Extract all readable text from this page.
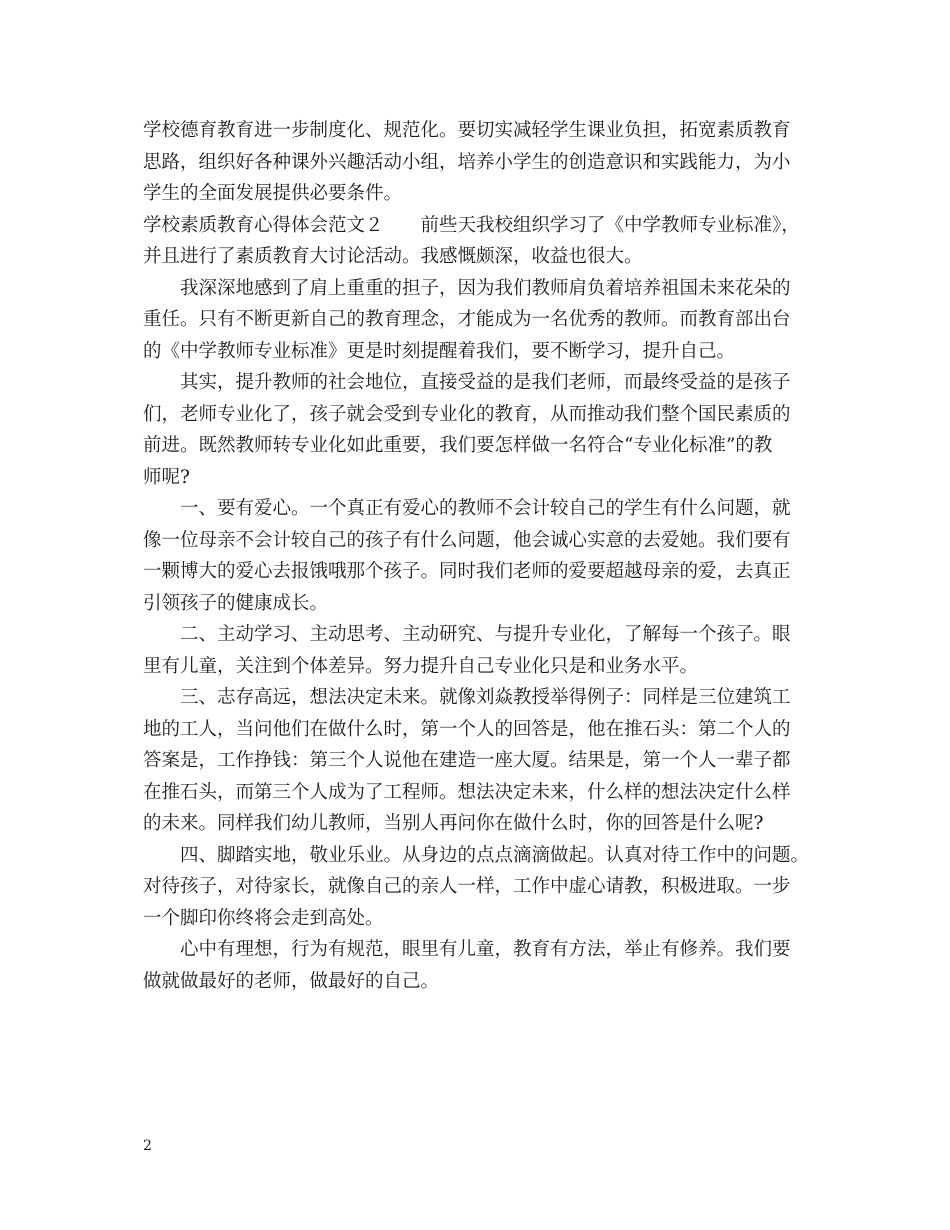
学校德育教育进一步制度化、规范化。要切实减轻学生课业负担，拓宽素质教育
思路，组织好各种课外兴趣活动小组，培养小学生的创造意识和实践能力，为小
学生的全面发展提供必要条件。
学校素质教育心得体会范文２　　前些天我校组织学习了《中学教师专业标准》，
并且进行了素质教育大讨论活动。我感慨颇深，收益也很大。
我深深地感到了肩上重重的担子，因为我们教师肩负着培养祖国未来花朵的
重任。只有不断更新自己的教育理念，才能成为一名优秀的教师。而教育部出台
的《中学教师专业标准》更是时刻提醒着我们，要不断学习，提升自己。
其实，提升教师的社会地位，直接受益的是我们老师，而最终受益的是孩子
们，老师专业化了，孩子就会受到专业化的教育，从而推动我们整个国民素质的
前进。既然教师转专业化如此重要，我们要怎样做一名符合“专业化标准”的教
师呢?
一、要有爱心。一个真正有爱心的教师不会计较自己的学生有什么问题，就
像一位母亲不会计较自己的孩子有什么问题，他会诚心实意的去爱她。我们要有
一颗博大的爱心去报饿哦那个孩子。同时我们老师的爱要超越母亲的爱，去真正
引领孩子的健康成长。
二、主动学习、主动思考、主动研究、与提升专业化，了解每一个孩子。眼
里有儿童，关注到个体差异。努力提升自己专业化只是和业务水平。
三、志存高远，想法决定未来。就像刘焱教授举得例子：同样是三位建筑工
地的工人，当问他们在做什么时，第一个人的回答是，他在推石头：第二个人的
答案是，工作挣钱：第三个人说他在建造一座大厦。结果是，第一个人一辈子都
在推石头，而第三个人成为了工程师。想法决定未来，什么样的想法决定什么样
的未来。同样我们幼儿教师，当别人再问你在做什么时，你的回答是什么呢?
四、脚踏实地，敬业乐业。从身边的点点滴滴做起。认真对待工作中的问题。
对待孩子，对待家长，就像自己的亲人一样，工作中虚心请教，积极进取。一步
一个脚印你终将会走到高处。
心中有理想，行为有规范，眼里有儿童，教育有方法，举止有修养。我们要
做就做最好的老师，做最好的自己。
2
